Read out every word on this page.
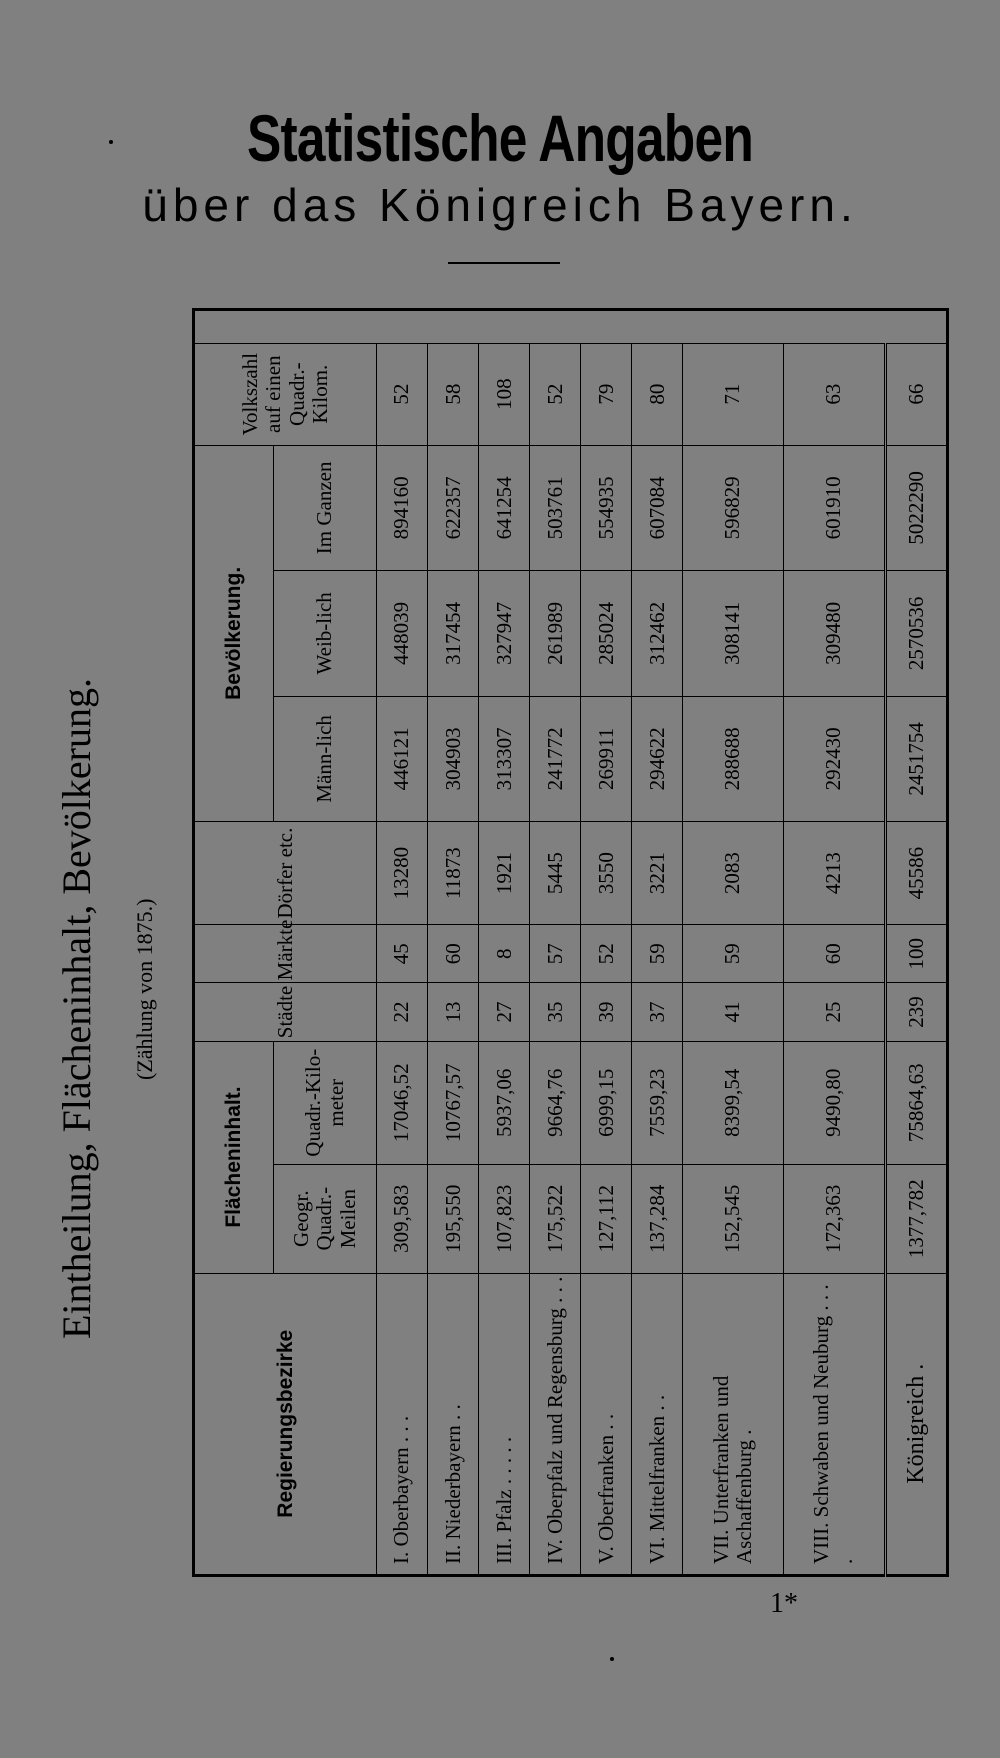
Statistische Angaben
über das Königreich Bayern.
Eintheilung, Flächeninhalt, Bevölkerung. (Zählung von 1875.)
Regierungsbezirke	Flächeninhalt.		Städte	Märkte	Dörfer etc.	Bevölkerung.			Volkszahl auf einen Quadr.-Kilom.	
	Geogr. Quadr.-Meilen	Quadr.-Kilo-meter				Männ-lich	Weib-lich	Im Ganzen		
I. Oberbayern . . .	309,583	17046,52	22	45	13280	446121	448039	894160	52	
II. Niederbayern . .	195,550	10767,57	13	60	11873	304903	317454	622357	58	
III. Pfalz . . . . .	107,823	5937,06	27	8	1921	313307	327947	641254	108	
IV. Oberpfalz und Regensburg . . .	175,522	9664,76	35	57	5445	241772	261989	503761	52	
V. Oberfranken . .	127,112	6999,15	39	52	3550	269911	285024	554935	79	
VI. Mittelfranken . .	137,284	7559,23	37	59	3221	294622	312462	607084	80	
VII. Unterfranken und Aschaffenburg .	152,545	8399,54	41	59	2083	288688	308141	596829	71	
VIII. Schwaben und Neuburg . . . .	172,363	9490,80	25	60	4213	292430	309480	601910	63	
Königreich .	1377,782	75864,63	239	100	45586	2451754	2570536	5022290	66	
1*
